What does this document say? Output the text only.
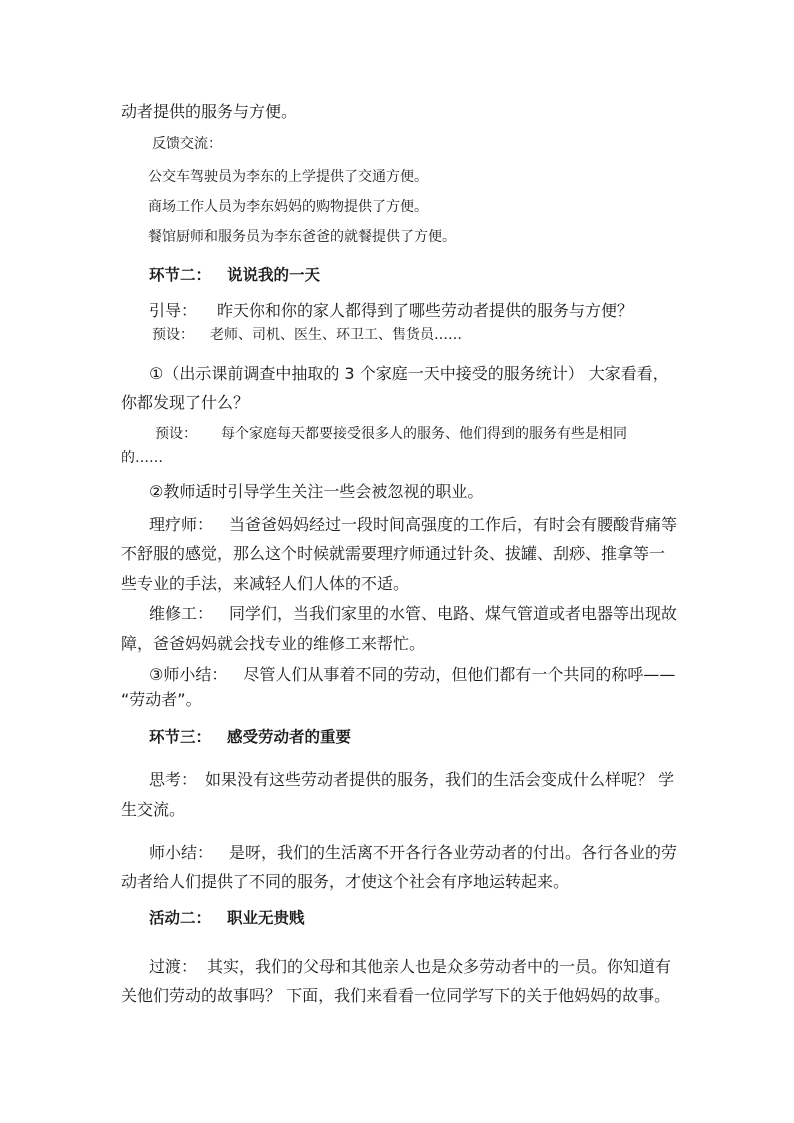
动者提供的服务与方便。
反馈交流：
公交车驾驶员为李东的上学提供了交通方便。
商场工作人员为李东妈妈的购物提供了方便。
餐馆厨师和服务员为李东爸爸的就餐提供了方便。
环节二： 说说我的一天
引导： 昨天你和你的家人都得到了哪些劳动者提供的服务与方便？
预设： 老师、司机、医生、环卫工、售货员……
①（出示课前调查中抽取的 3 个家庭一天中接受的服务统计） 大家看看，
你都发现了什么？
预设： 每个家庭每天都要接受很多人的服务、他们得到的服务有些是相同
的……
②教师适时引导学生关注一些会被忽视的职业。
理疗师： 当爸爸妈妈经过一段时间高强度的工作后，有时会有腰酸背痛等
不舒服的感觉，那么这个时候就需要理疗师通过针灸、拔罐、刮痧、推拿等一
些专业的手法，来减轻人们人体的不适。
维修工： 同学们，当我们家里的水管、电路、煤气管道或者电器等出现故
障，爸爸妈妈就会找专业的维修工来帮忙。
③师小结： 尽管人们从事着不同的劳动，但他们都有一个共同的称呼——
“劳动者”。
环节三： 感受劳动者的重要
思考： 如果没有这些劳动者提供的服务，我们的生活会变成什么样呢？ 学
生交流。
师小结： 是呀，我们的生活离不开各行各业劳动者的付出。各行各业的劳
动者给人们提供了不同的服务，才使这个社会有序地运转起来。
活动二： 职业无贵贱
过渡： 其实，我们的父母和其他亲人也是众多劳动者中的一员。你知道有
关他们劳动的故事吗？ 下面，我们来看看一位同学写下的关于他妈妈的故事。
